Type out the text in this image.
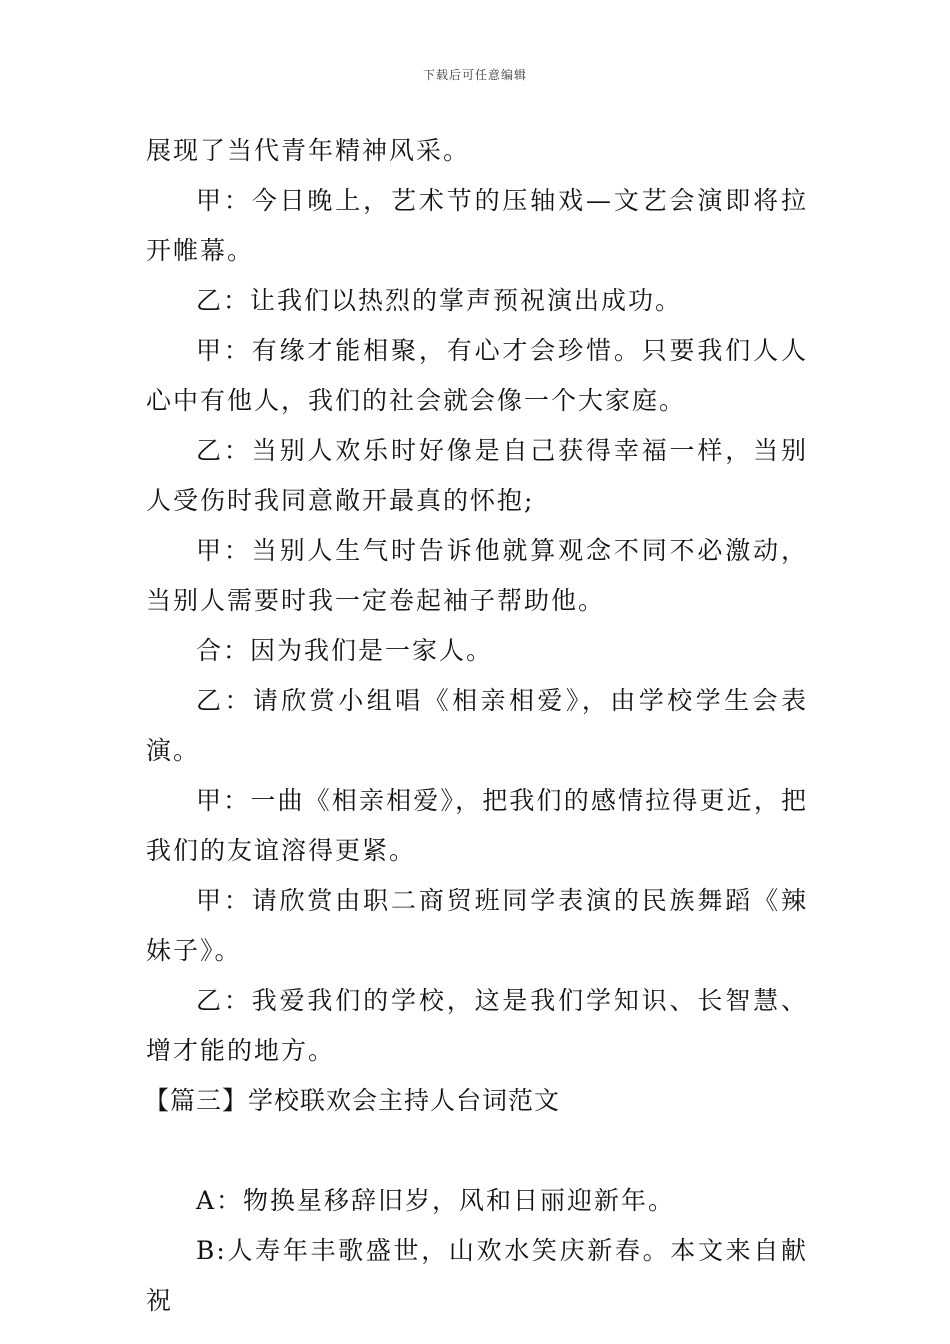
下载后可任意编辑

展现了当代青年精神风采。

甲：今日晚上，艺术节的压轴戏—文艺会演即将拉开帷幕。

乙：让我们以热烈的掌声预祝演出成功。

甲：有缘才能相聚，有心才会珍惜。只要我们人人心中有他人，我们的社会就会像一个大家庭。

乙：当别人欢乐时好像是自己获得幸福一样，当别人受伤时我同意敞开最真的怀抱;

甲：当别人生气时告诉他就算观念不同不必激动，当别人需要时我一定卷起袖子帮助他。

合：因为我们是一家人。

乙：请欣赏小组唱《相亲相爱》，由学校学生会表演。

甲：一曲《相亲相爱》，把我们的感情拉得更近，把我们的友谊溶得更紧。

甲：请欣赏由职二商贸班同学表演的民族舞蹈《辣妹子》。

乙：我爱我们的学校，这是我们学知识、长智慧、增才能的地方。

【篇三】学校联欢会主持人台词范文

A：物换星移辞旧岁，风和日丽迎新年。

B:人寿年丰歌盛世，山欢水笑庆新春。本文来自献祝
